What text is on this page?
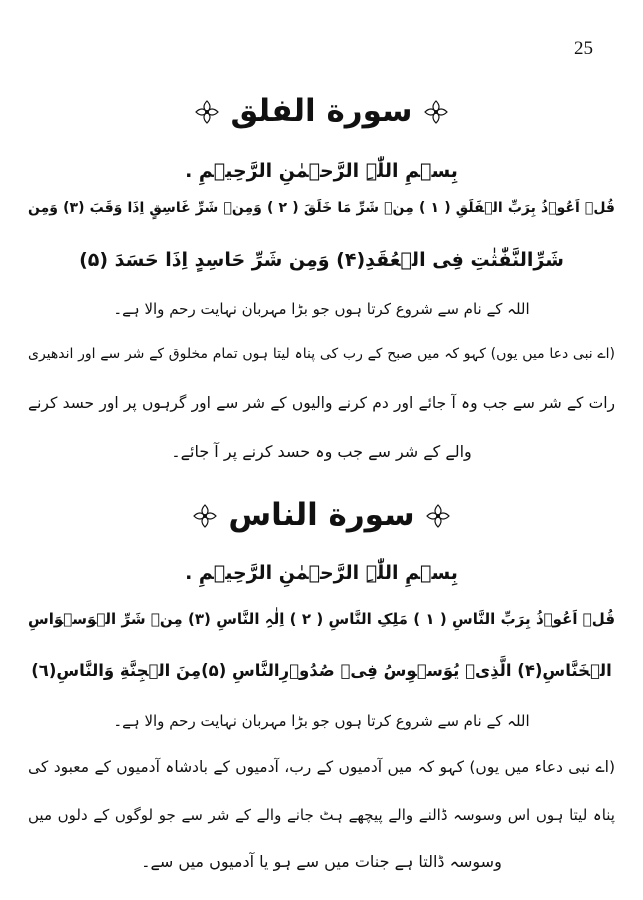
25
سورة الفلق
بِسۡمِ اللّٰہِ الرَّحۡمٰنِ الرَّحِیۡمِ .
قُلۡ اَعُوۡذُ بِرَبِّ الۡفَلَقِ ( ١ ) مِنۡ شَرِّ مَا خَلَقَ ( ٢ ) وَمِنۡ شَرِّ غَاسِقٍ اِذَا وَقَبَ (٣) وَمِن
شَرِّالنَّفّٰثٰتِ فِی الۡعُقَدِ(۴) وَمِن شَرِّ حَاسِدٍ اِذَا حَسَدَ (۵)
اللہ کے نام سے شروع کرتا ہوں جو بڑا مہربان نہایت رحم والا ہے۔
(اے نبی دعا میں یوں) کہو کہ میں صبح کے رب کی پناہ لیتا ہوں تمام مخلوق کے شر سے اور اندھیری
رات کے شر سے جب وہ آ جائے اور دم کرنے والیوں کے شر سے اور گرہوں پر اور حسد کرنے
والے کے شر سے جب وہ حسد کرنے پر آ جائے۔
سورة الناس
بِسۡمِ اللّٰہِ الرَّحۡمٰنِ الرَّحِیۡمِ .
قُلۡ اَعُوۡذُ بِرَبِّ النَّاسِ ( ١ ) مَلِکِ النَّاسِ ( ٢ ) اِلٰہِ النَّاسِ (٣) مِنۡ شَرِّ الۡوَسۡوَاسِ
الۡخَنَّاسِ(۴) الَّذِیۡ یُوَسۡوِسُ فِیۡ صُدُوۡرِالنَّاسِ (۵)مِنَ الۡجِنَّةِ وَالنَّاسِ(٦)
اللہ کے نام سے شروع کرتا ہوں جو بڑا مہربان نہایت رحم والا ہے۔
(اے نبی دعاء میں یوں) کہو کہ میں آدمیوں کے رب، آدمیوں کے بادشاہ آدمیوں کے معبود کی
پناہ لیتا ہوں اس وسوسہ ڈالنے والے پیچھے ہٹ جانے والے کے شر سے جو لوگوں کے دلوں میں
وسوسہ ڈالتا ہے جنات میں سے ہو یا آدمیوں میں سے۔
